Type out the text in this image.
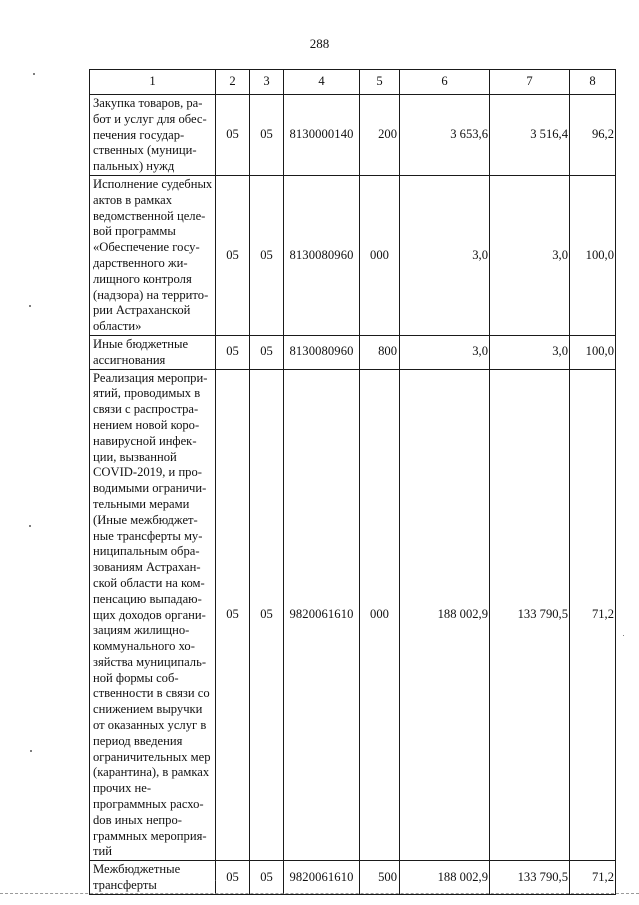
288
1	2	3	4	5	6	7	8
Закупка товаров, работ и услуг для обеспечения государственных (муниципальных) нужд	05	05	8130000140	200	3 653,6	3 516,4	96,2
Исполнение судебных актов в рамках ведомственной целевой программы «Обеспечение государственного жилищного контроля (надзора) на территории Астраханской области»	05	05	8130080960	000	3,0	3,0	100,0
Иные бюджетные ассигнования	05	05	8130080960	800	3,0	3,0	100,0
Реализация мероприятий, проводимых в связи с распространением новой коронавирусной инфекции, вызванной COVID-2019, и проводимыми ограничительными мерами (Иные межбюджетные трансферты муниципальным образованиям Астраханской области на компенсацию выпадающих доходов организациям жилищно-коммунального хозяйства муниципальной формы собственности в связи со снижением выручки от оказанных услуг в период введения ограничительных мер (карантина), в рамках прочих непрограммных расхоdов иных непрограммных мероприятий	05	05	9820061610	000	188 002,9	133 790,5	71,2
Межбюджетные трансферты	05	05	9820061610	500	188 002,9	133 790,5	71,2
